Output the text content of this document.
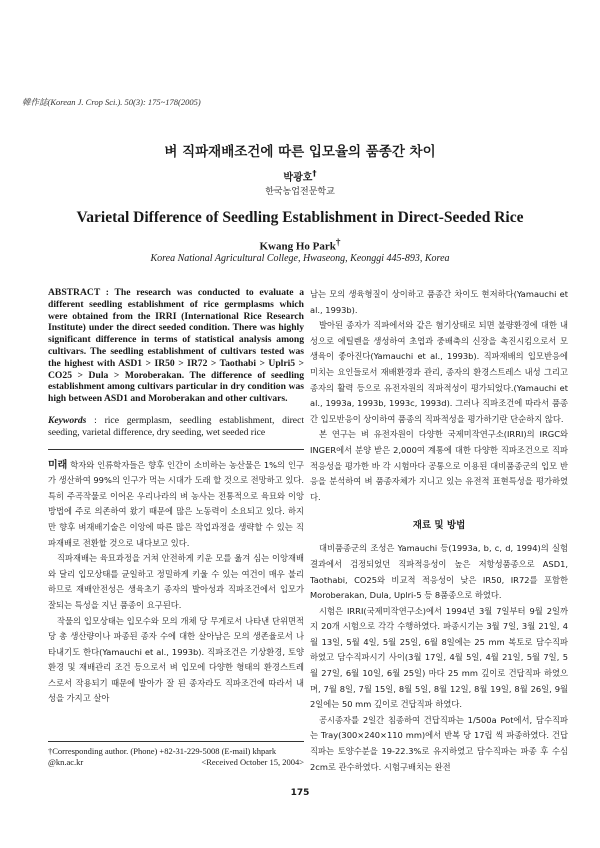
韓作誌(Korean J. Crop Sci.). 50(3): 175~178(2005)
벼 직파재배조건에 따른 입모율의 품종간 차이
박광호†
한국농업전문학교
Varietal Difference of Seedling Establishment in Direct-Seeded Rice
Kwang Ho Park†
Korea National Agricultural College, Hwaseong, Keonggi 445-893, Korea

ABSTRACT : The research was conducted to evaluate a different seedling establishment of rice germplasms which were obtained from the IRRI (International Rice Research Institute) under the direct seeded condition. There was highly significant difference in terms of statistical analysis among cultivars. The seedling establishment of cultivars tested was the highest with ASD1 > IR50 > IR72 > Taothabi > Uplri5 > CO25 > Dula > Moroberakan. The difference of seedling establishment among cultivars particular in dry condition was high between ASD1 and Moroberakan and other cultivars.

Keywords : rice germplasm, seedling establishment, direct seeding, varietal difference, dry seeding, wet seeded rice

미래 학자와 인류학자들은 향후 인간이 소비하는 농산물은 1%의 인구가 생산하여 99%의 인구가 먹는 시대가 도래 할 것으로 전망하고 있다. 특히 주곡작물로 이어온 우리나라의 벼 농사는 전통적으로 육묘와 이앙방법에 주로 의존하여 왔기 때문에 많은 노동력이 소요되고 있다. 하지만 향후 벼재배기술은 이앙에 따른 많은 작업과정을 생략할 수 있는 직파재배로 전환할 것으로 내다보고 있다.

직파재배는 육묘과정을 거쳐 안전하게 키운 모를 옮겨 심는 이앙재배와 달리 입모상태를 균일하고 정밀하게 키울 수 있는 여건이 매우 불리하므로 재배안전성은 생육초기 종자의 발아성과 직파조건에서 입모가 잘되는 특성을 지닌 품종이 요구된다.

작물의 입모상태는 입모수와 모의 개체 당 무게로서 나타낸 단위면적 당 총 생산량이나 파종된 종자 수에 대한 살아남은 모의 생존율로서 나타내기도 한다(Yamauchi et al., 1993b). 직파조건은 기상환경, 토양환경 및 재배관리 조건 등으로서 벼 입모에 다양한 형태의 환경스트레스로서 작용되기 때문에 발아가 잘 된 종자라도 직파조건에 따라서 내성을 가지고 살아

남는 모의 생육형질이 상이하고 품종간 차이도 현저하다(Yamauchi et al., 1993b).

발아된 종자가 직파에서와 같은 혐기상태로 되면 불량환경에 대한 내성으로 에틸렌을 생성하여 초엽과 중배축의 신장을 촉진시킴으로서 모 생육이 좋아진다(Yamauchi et al., 1993b). 직파재배의 입모반응에 미치는 요인들로서 재배환경과 관리, 종자의 환경스트레스 내성 그리고 종자의 활력 등으로 유전자원의 직파적성이 평가되었다.(Yamauchi et al., 1993a, 1993b, 1993c, 1993d). 그러나 직파조건에 따라서 품종간 입모반응이 상이하여 품종의 직파적성을 평가하기란 단순하지 않다.

본 연구는 벼 유전자원이 다양한 국제미작연구소(IRRI)의 IRGC와 INGER에서 분양 받은 2,000여 계통에 대한 다양한 직파조건으로 직파 적응성을 평가한 바 각 시험마다 공통으로 이용된 대비품종군의 입모 반응을 분석하여 벼 품종자체가 지니고 있는 유전적 표현특성을 평가하였다.

재료 및 방법

대비품종군의 조성은 Yamauchi 등(1993a, b, c, d, 1994)의 실험결과에서 검정되었던 직파적응성이 높은 저항성품종으로 ASD1, Taothabi, CO25와 비교적 적응성이 낮은 IR50, IR72를 포함한 Moroberakan, Dula, Uplri-5 등 8품종으로 하였다.

시험은 IRRI(국제미작연구소)에서 1994년 3월 7일부터 9월 2일까지 20개 시험으로 각각 수행하였다. 파종시기는 3월 7일, 3월 21일, 4월 13일, 5월 4일, 5월 25일, 6월 8일에는 25 mm 복토로 담수직파 하였고 담수직파시기 사이(3월 17일, 4월 5일, 4월 21일, 5월 7일, 5월 27일, 6월 10일, 6월 25일) 마다 25 mm 깊이로 건답직파 하였으며, 7월 8일, 7월 15일, 8월 5일, 8월 12일, 8월 19일, 8월 26일, 9월 2일에는 50 mm 깊이로 건답직파 하였다.

공시종자를 2일간 침종하여 건답직파는 1/500a Pot에서, 담수직파는 Tray(300×240×110 mm)에서 반복 당 17립 씩 파종하였다. 건답직파는 토양수분을 19-22.3%로 유지하였고 담수직파는 파종 후 수심 2cm로 관수하였다. 시험구배치는 완전

†Corresponding author. (Phone) +82-31-229-5008 (E-mail) khpark
@kn.ac.kr	<Received October 15, 2004>
175
